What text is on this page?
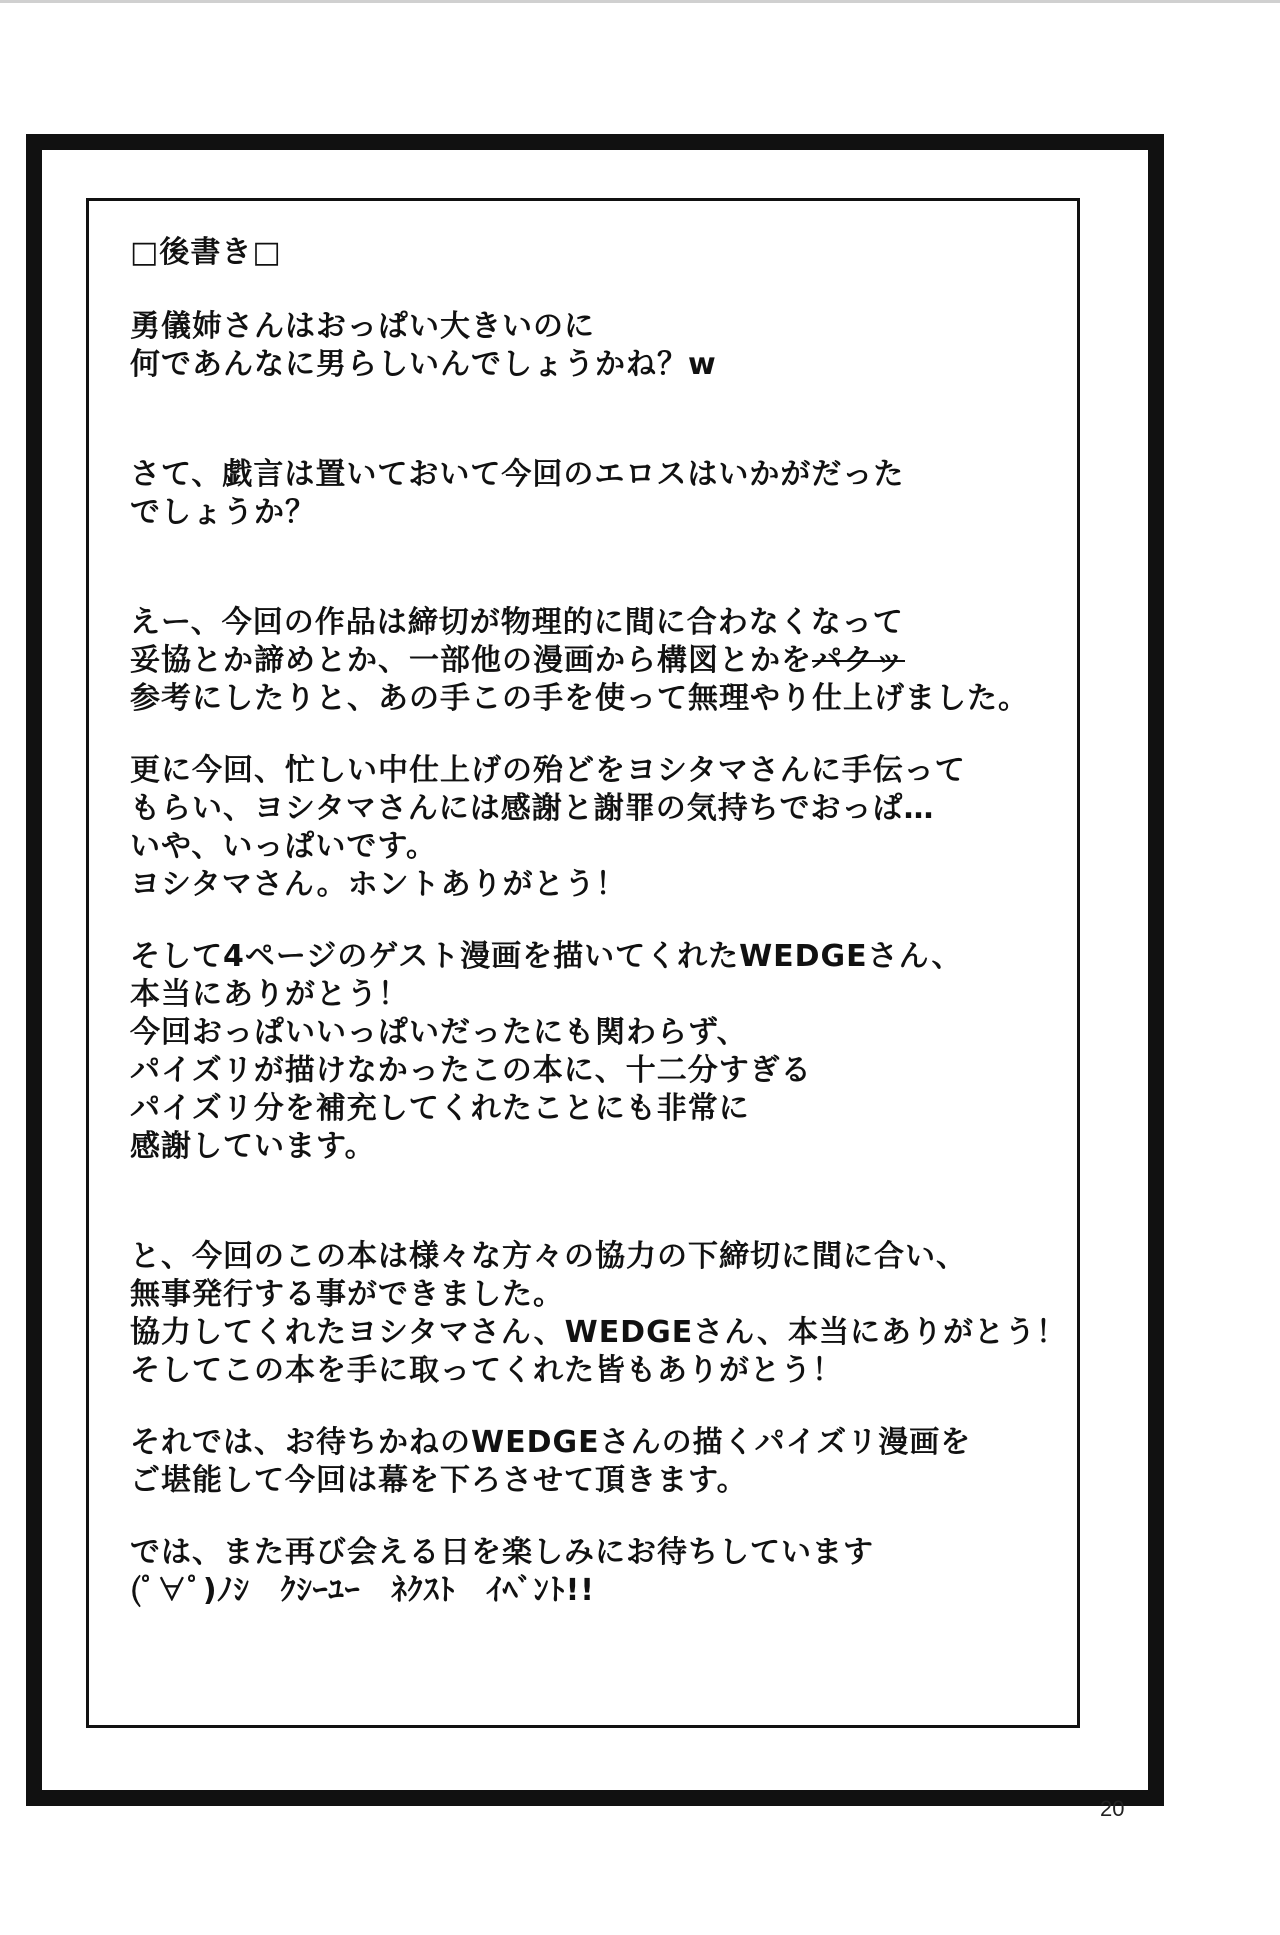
□後書き□

勇儀姉さんはおっぱい大きいのに
何であんなに男らしいんでしょうかね？w

さて、戯言は置いておいて今回のエロスはいかがだった
でしょうか？

えー、今回の作品は締切が物理的に間に合わなくなって
妥協とか諦めとか、一部他の漫画から構図とかをパクッ
参考にしたりと、あの手この手を使って無理やり仕上げました。

更に今回、忙しい中仕上げの殆どをヨシタマさんに手伝って
もらい、ヨシタマさんには感謝と謝罪の気持ちでおっぱ…
いや、いっぱいです。
ヨシタマさん。ホントありがとう！

そして4ページのゲスト漫画を描いてくれたWEDGEさん、
本当にありがとう！
今回おっぱいいっぱいだったにも関わらず、
パイズリが描けなかったこの本に、十二分すぎる
パイズリ分を補充してくれたことにも非常に
感謝しています。

と、今回のこの本は様々な方々の協力の下締切に間に合い、
無事発行する事ができました。
協力してくれたヨシタマさん、WEDGEさん、本当にありがとう！
そしてこの本を手に取ってくれた皆もありがとう！

それでは、お待ちかねのWEDGEさんの描くパイズリ漫画を
ご堪能して今回は幕を下ろさせて頂きます。

では、また再び会える日を楽しみにお待ちしています
(ﾟ∀ﾟ)ﾉｼ　ｸｼｰﾕｰ　ﾈｸｽﾄ　ｲﾍﾞﾝﾄ!!

20
